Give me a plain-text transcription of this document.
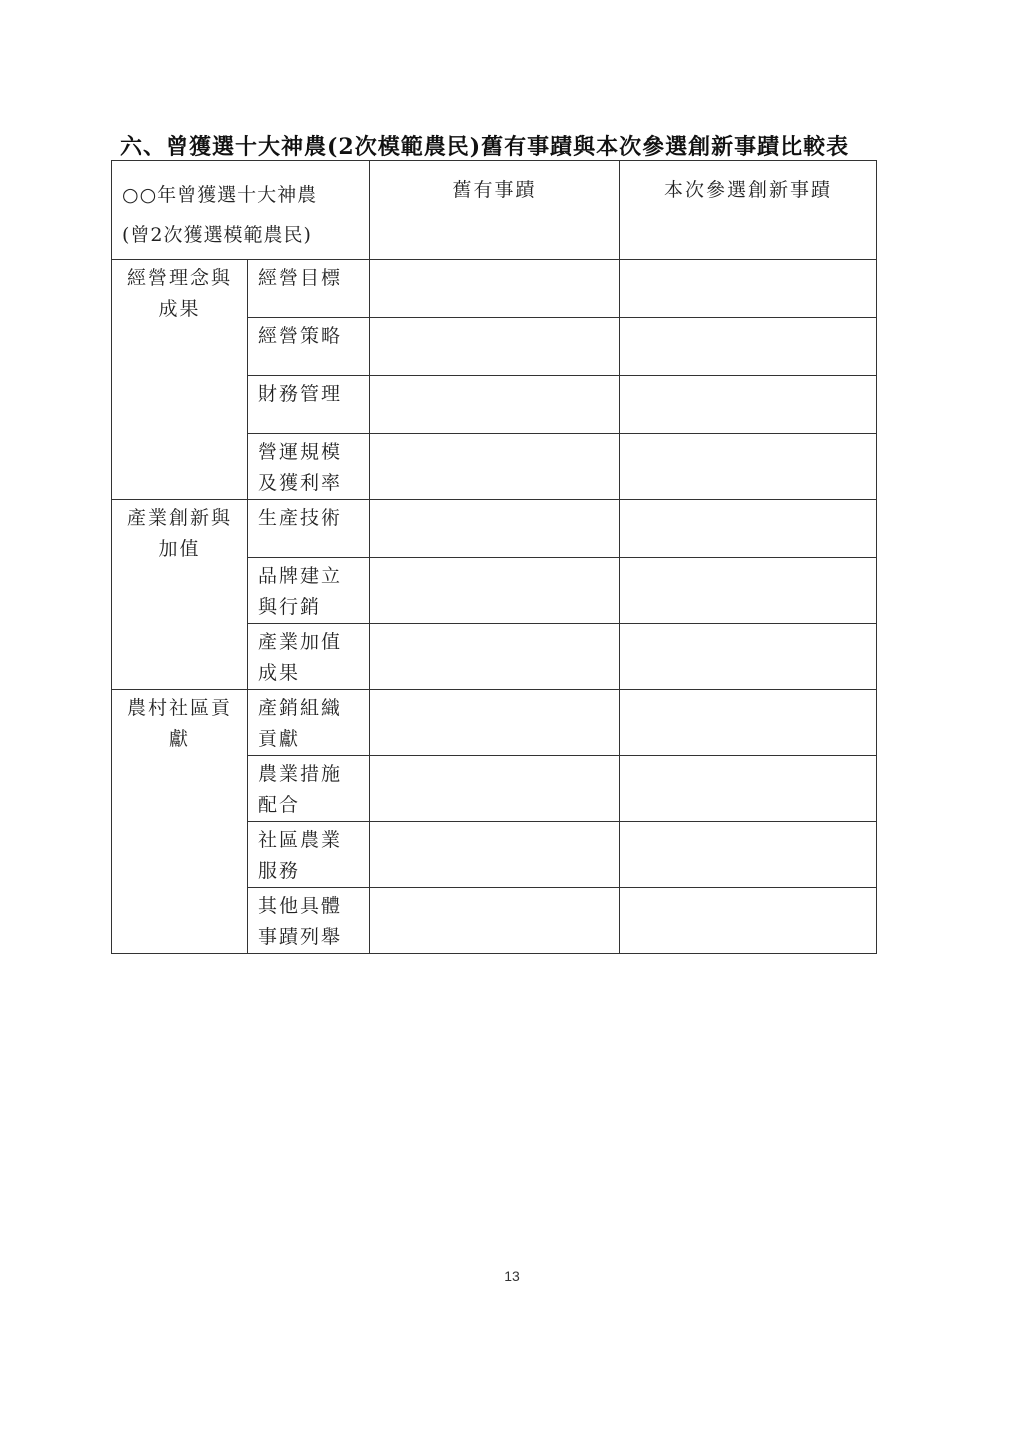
六、曾獲選十大神農(2次模範農民)舊有事蹟與本次參選創新事蹟比較表
○○年曾獲選十大神農
(曾2次獲選模範農民)		舊有事蹟	本次參選創新事蹟

經營理念與
成果	經營目標		

	經營策略		

	財務管理		

	營運規模
及獲利率		

產業創新與
加值	生產技術		

	品牌建立
與行銷		

	產業加值
成果		

農村社區貢
獻	產銷組織
貢獻		

	農業措施
配合		

	社區農業
服務		

	其他具體
事蹟列舉		

13
